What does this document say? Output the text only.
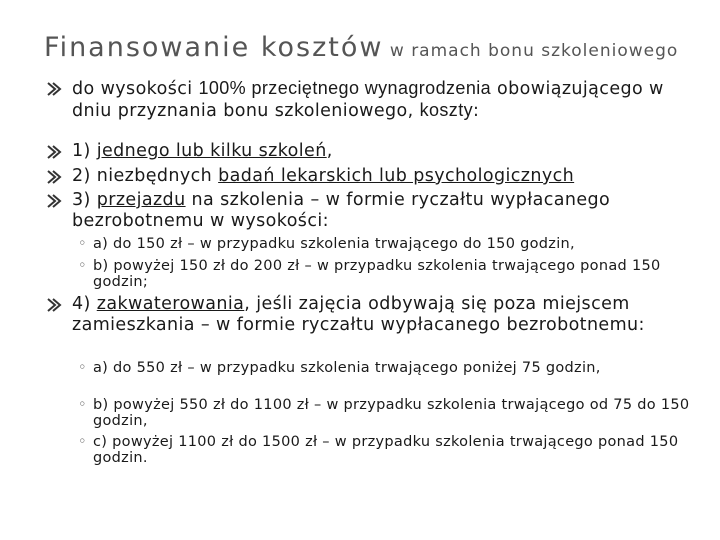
Finansowanie kosztów w ramach bonu szkoleniowego
do wysokości 100% przeciętnego wynagrodzenia obowiązującego w dniu przyznania bonu szkoleniowego, koszty:
1) jednego lub kilku szkoleń,
2) niezbędnych badań lekarskich lub psychologicznych
3) przejazdu na szkolenia – w formie ryczałtu wypłacanego bezrobotnemu w wysokości:
◦ a) do 150 zł – w przypadku szkolenia trwającego do 150 godzin,
◦ b) powyżej 150 zł do 200 zł – w przypadku szkolenia trwającego ponad 150 godzin;
4) zakwaterowania, jeśli zajęcia odbywają się poza miejscem zamieszkania – w formie ryczałtu wypłacanego bezrobotnemu:
◦ a) do 550 zł – w przypadku szkolenia trwającego poniżej 75 godzin,
◦ b) powyżej 550 zł do 1100 zł – w przypadku szkolenia trwającego od 75 do 150 godzin,
◦ c) powyżej 1100 zł do 1500 zł – w przypadku szkolenia trwającego ponad 150 godzin.
